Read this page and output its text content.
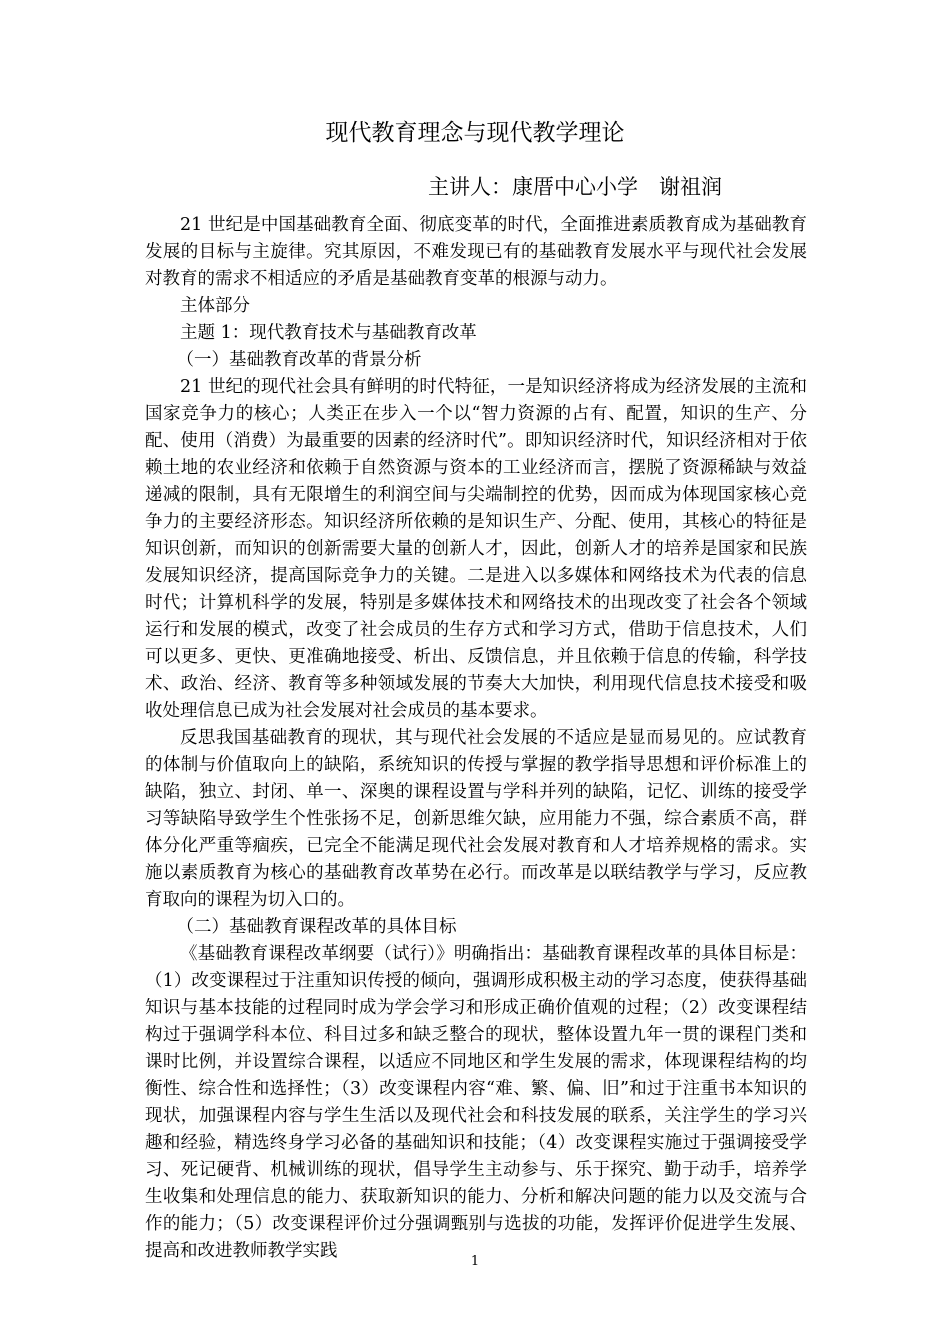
现代教育理念与现代教学理论
主讲人：康厝中心小学　谢祖润

21 世纪是中国基础教育全面、彻底变革的时代，全面推进素质教育成为基础教育发展的目标与主旋律。究其原因，不难发现已有的基础教育发展水平与现代社会发展对教育的需求不相适应的矛盾是基础教育变革的根源与动力。

主体部分

主题 1：现代教育技术与基础教育改革

（一）基础教育改革的背景分析

21 世纪的现代社会具有鲜明的时代特征，一是知识经济将成为经济发展的主流和国家竞争力的核心；人类正在步入一个以“智力资源的占有、配置，知识的生产、分配、使用（消费）为最重要的因素的经济时代”。即知识经济时代，知识经济相对于依赖土地的农业经济和依赖于自然资源与资本的工业经济而言，摆脱了资源稀缺与效益递减的限制，具有无限增生的利润空间与尖端制控的优势，因而成为体现国家核心竞争力的主要经济形态。知识经济所依赖的是知识生产、分配、使用，其核心的特征是知识创新，而知识的创新需要大量的创新人才，因此，创新人才的培养是国家和民族发展知识经济，提高国际竞争力的关键。二是进入以多媒体和网络技术为代表的信息时代；计算机科学的发展，特别是多媒体技术和网络技术的出现改变了社会各个领域运行和发展的模式，改变了社会成员的生存方式和学习方式，借助于信息技术，人们可以更多、更快、更准确地接受、析出、反馈信息，并且依赖于信息的传输，科学技术、政治、经济、教育等多种领域发展的节奏大大加快，利用现代信息技术接受和吸收处理信息已成为社会发展对社会成员的基本要求。

反思我国基础教育的现状，其与现代社会发展的不适应是显而易见的。应试教育的体制与价值取向上的缺陷，系统知识的传授与掌握的教学指导思想和评价标准上的缺陷，独立、封闭、单一、深奥的课程设置与学科并列的缺陷，记忆、训练的接受学习等缺陷导致学生个性张扬不足，创新思维欠缺，应用能力不强，综合素质不高，群体分化严重等痼疾，已完全不能满足现代社会发展对教育和人才培养规格的需求。实施以素质教育为核心的基础教育改革势在必行。而改革是以联结教学与学习，反应教育取向的课程为切入口的。

（二）基础教育课程改革的具体目标

《基础教育课程改革纲要（试行）》明确指出：基础教育课程改革的具体目标是：（1）改变课程过于注重知识传授的倾向，强调形成积极主动的学习态度，使获得基础知识与基本技能的过程同时成为学会学习和形成正确价值观的过程；（2）改变课程结构过于强调学科本位、科目过多和缺乏整合的现状，整体设置九年一贯的课程门类和课时比例，并设置综合课程，以适应不同地区和学生发展的需求，体现课程结构的均衡性、综合性和选择性；（3）改变课程内容“难、繁、偏、旧”和过于注重书本知识的现状，加强课程内容与学生生活以及现代社会和科技发展的联系，关注学生的学习兴趣和经验，精选终身学习必备的基础知识和技能；（4）改变课程实施过于强调接受学习、死记硬背、机械训练的现状，倡导学生主动参与、乐于探究、勤于动手，培养学生收集和处理信息的能力、获取新知识的能力、分析和解决问题的能力以及交流与合作的能力；（5）改变课程评价过分强调甄别与选拔的功能，发挥评价促进学生发展、提高和改进教师教学实践

1
